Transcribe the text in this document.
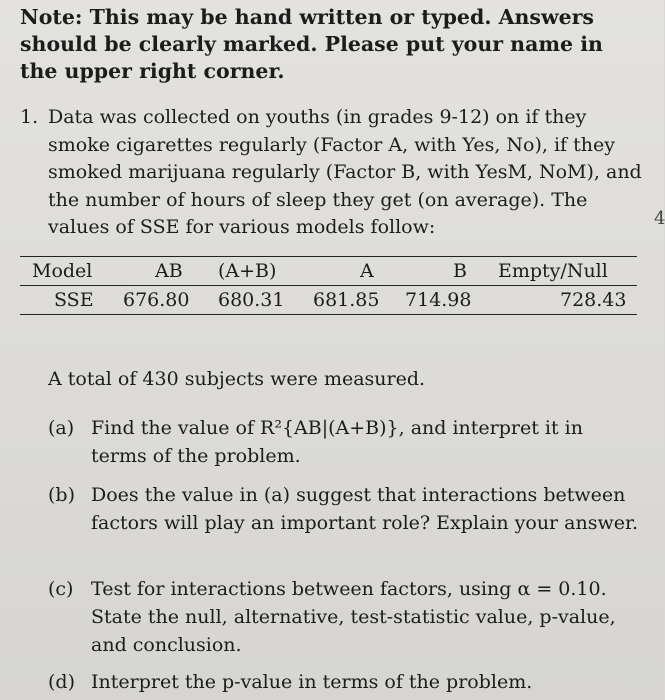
Note: This may be hand written or typed. Answers should be clearly marked. Please put your name in the upper right corner.
1. Data was collected on youths (in grades 9-12) on if they smoke cigarettes regularly (Factor A, with Yes, No), if they smoked marijuana regularly (Factor B, with YesM, NoM), and the number of hours of sleep they get (on average). The values of SSE for various models follow:
Model	AB (A+B)	A	B Empty/Null
SSE 676.80 680.31 681.85 714.98	728.43
A total of 430 subjects were measured.
(a) Find the value of R²{AB|(A+B)}, and interpret it in terms of the problem.
(b) Does the value in (a) suggest that interactions between factors will play an important role? Explain your answer.
(c) Test for interactions between factors, using α = 0.10. State the null, alternative, test-statistic value, p-value, and conclusion.
(d) Interpret the p-value in terms of the problem.
4
